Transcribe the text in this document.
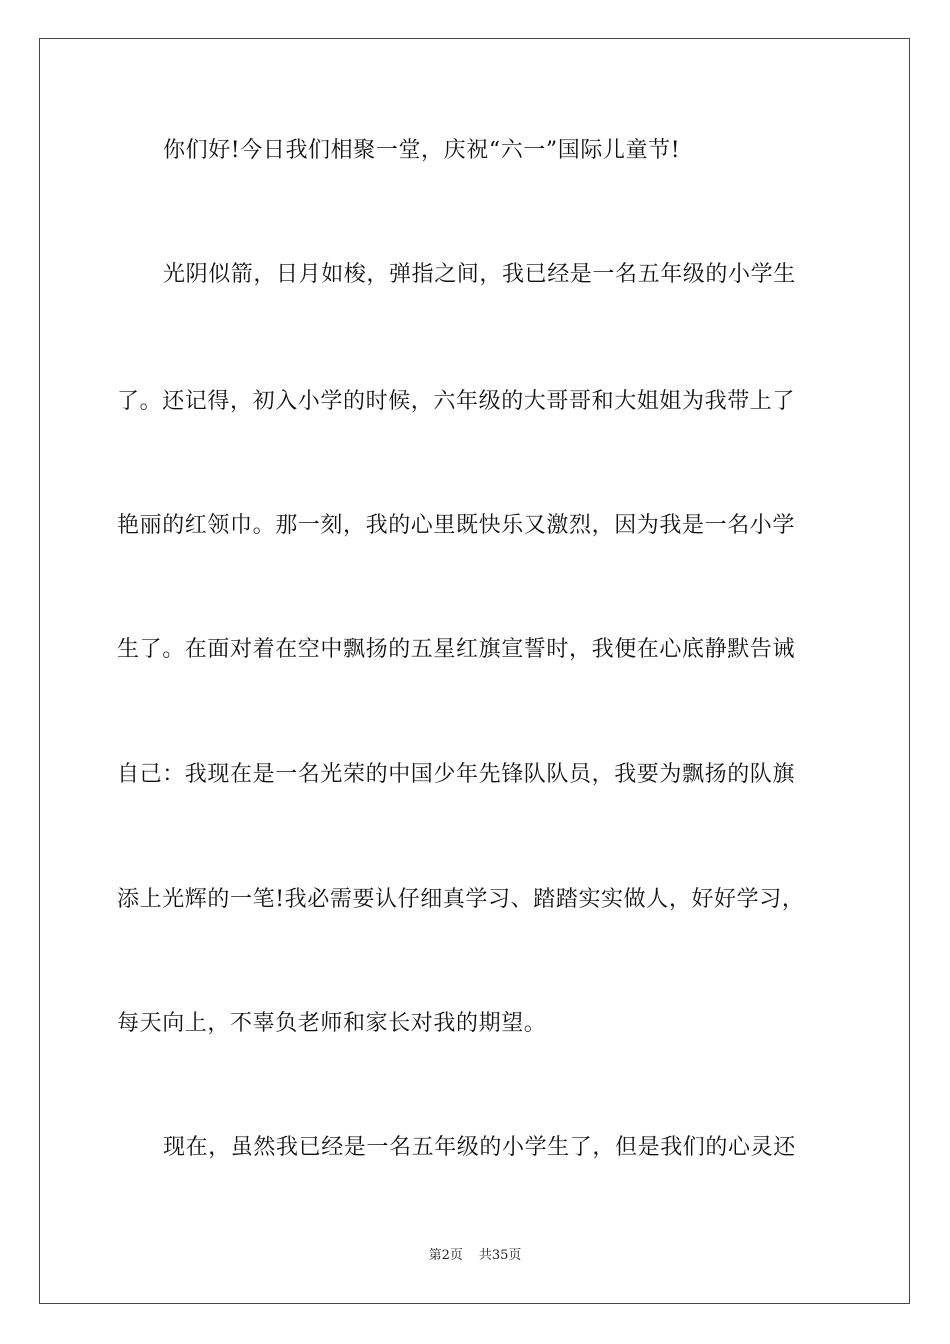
你们好!今日我们相聚一堂，庆祝“六一”国际儿童节!
光阴似箭，日月如梭，弹指之间，我已经是一名五年级的小学生
了。还记得，初入小学的时候，六年级的大哥哥和大姐姐为我带上了
艳丽的红领巾。那一刻，我的心里既快乐又激烈，因为我是一名小学
生了。在面对着在空中飘扬的五星红旗宣誓时，我便在心底静默告诫
自己：我现在是一名光荣的中国少年先锋队队员，我要为飘扬的队旗
添上光辉的一笔!我必需要认仔细真学习、踏踏实实做人，好好学习，
每天向上，不辜负老师和家长对我的期望。
现在，虽然我已经是一名五年级的小学生了，但是我们的心灵还
第2页 共35页
